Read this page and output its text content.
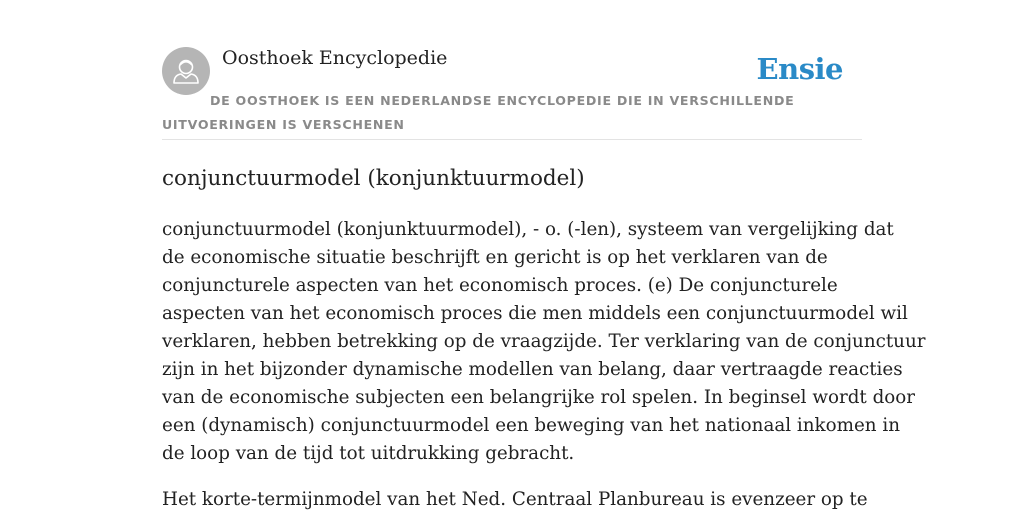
Oosthoek Encyclopedie	Ensie
DE OOSTHOEK IS EEN NEDERLANDSE ENCYCLOPEDIE DIE IN VERSCHILLENDE UITVOERINGEN IS VERSCHENEN
conjunctuurmodel (konjunktuurmodel)

conjunctuurmodel (konjunktuurmodel), - o. (-len), systeem van vergelijking dat
de economische situatie beschrijft en gericht is op het verklaren van de
conjuncturele aspecten van het economisch proces. (e) De conjuncturele
aspecten van het economisch proces die men middels een conjunctuurmodel wil
verklaren, hebben betrekking op de vraagzijde. Ter verklaring van de conjunctuur
zijn in het bijzonder dynamische modellen van belang, daar vertraagde reacties
van de economische subjecten een belangrijke rol spelen. In beginsel wordt door
een (dynamisch) conjunctuurmodel een beweging van het nationaal inkomen in
de loop van de tijd tot uitdrukking gebracht.

Het korte-termijnmodel van het Ned. Centraal Planbureau is evenzeer op te
